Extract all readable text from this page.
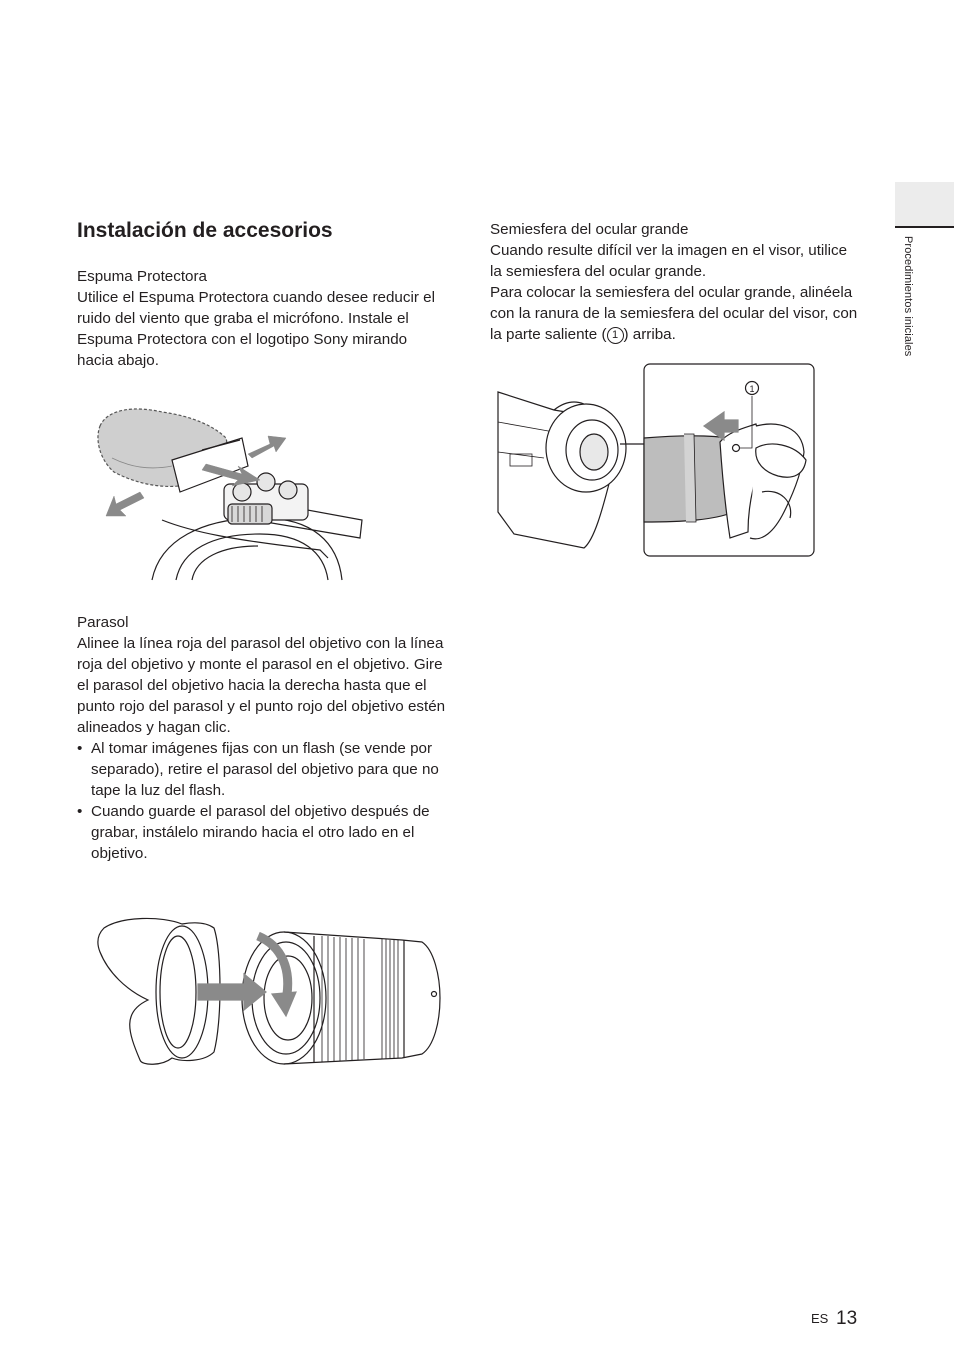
Procedimientos iniciales
Instalación de accesorios

Espuma Protectora

Utilice el Espuma Protectora cuando desee reducir el ruido del viento que graba el micrófono. Instale el Espuma Protectora con el logotipo Sony mirando hacia abajo.

Parasol

Alinee la línea roja del parasol del objetivo con la línea roja del objetivo y monte el parasol en el objetivo. Gire el parasol del objetivo hacia la derecha hasta que el punto rojo del parasol y el punto rojo del objetivo estén alineados y hagan clic.

• Al tomar imágenes fijas con un flash (se vende por separado), retire el parasol del objetivo para que no tape la luz del flash.
• Cuando guarde el parasol del objetivo después de grabar, instálelo mirando hacia el otro lado en el objetivo.

Semiesfera del ocular grande

Cuando resulte difícil ver la imagen en el visor, utilice la semiesfera del ocular grande.

Para colocar la semiesfera del ocular grande, alinéela con la ranura de la semiesfera del ocular del visor, con la parte saliente ( 1 ) arriba.

1
ES 13
